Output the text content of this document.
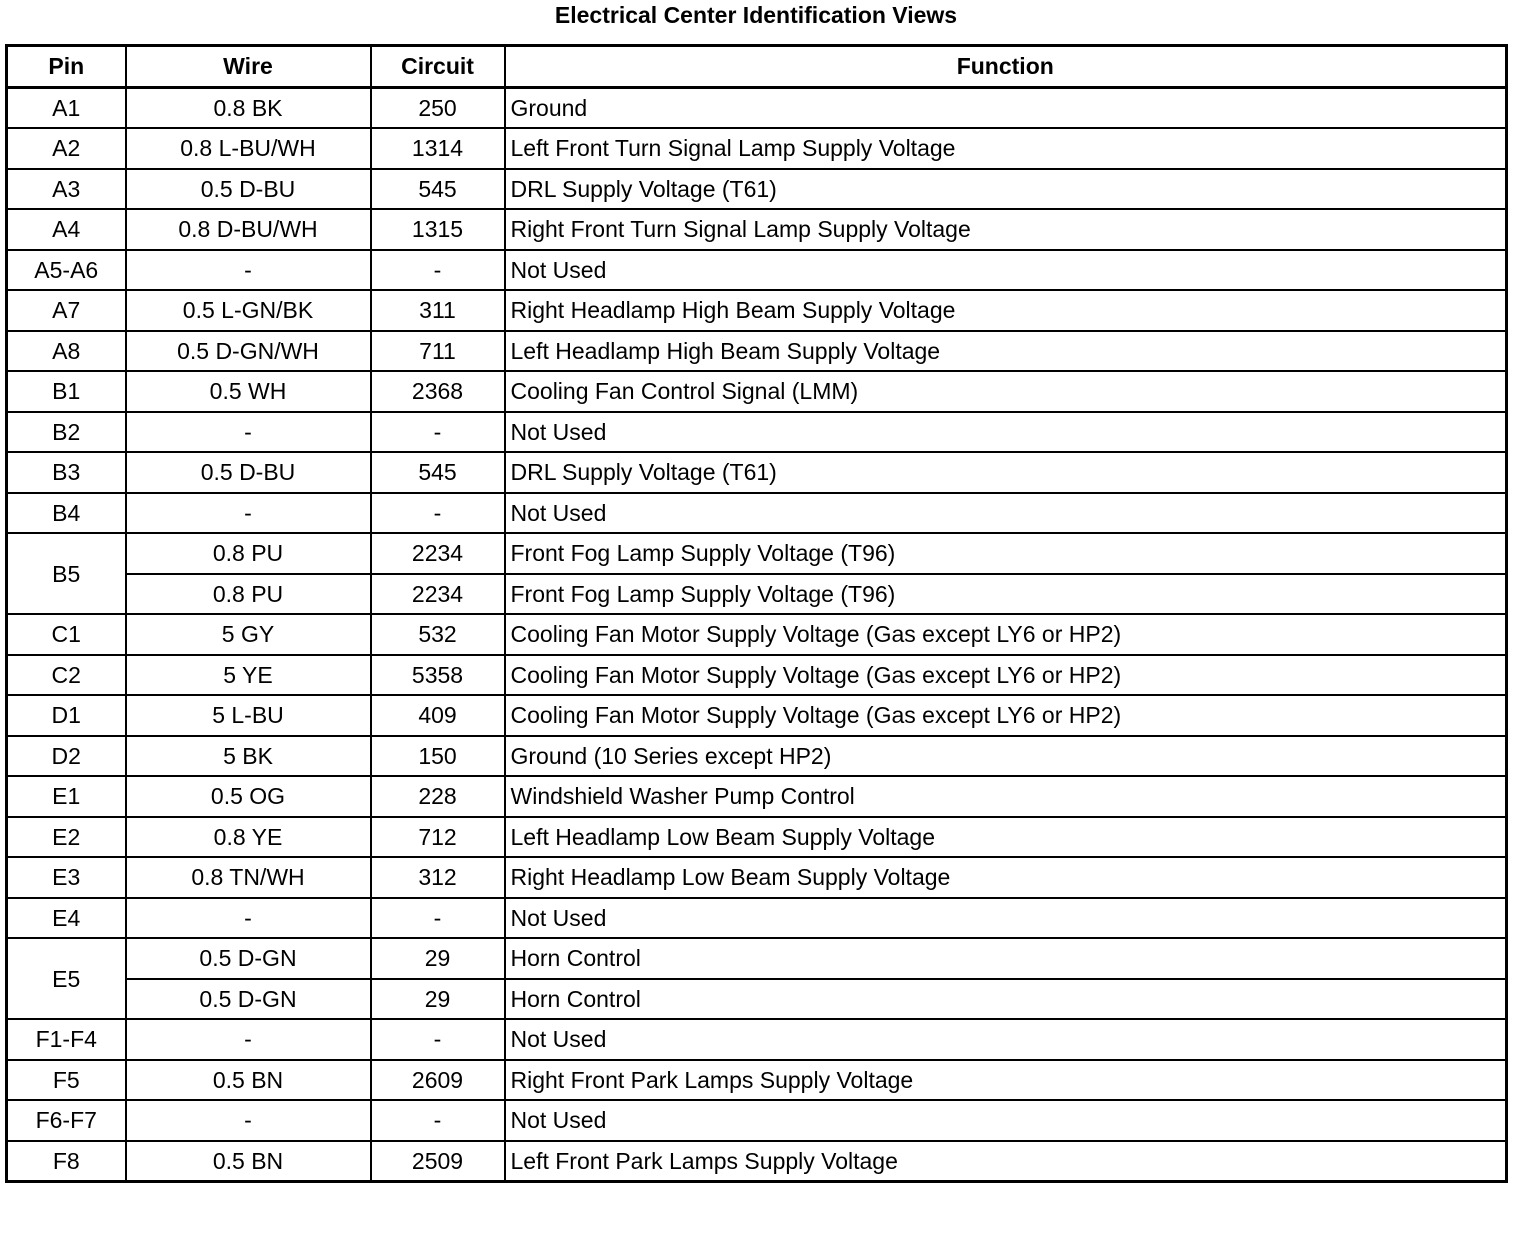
Electrical Center Identification Views
Pin	Wire	Circuit	Function
A1	0.8 BK	250	Ground
A2	0.8 L-BU/WH	1314	Left Front Turn Signal Lamp Supply Voltage
A3	0.5 D-BU	545	DRL Supply Voltage (T61)
A4	0.8 D-BU/WH	1315	Right Front Turn Signal Lamp Supply Voltage
A5-A6	-	-	Not Used
A7	0.5 L-GN/BK	311	Right Headlamp High Beam Supply Voltage
A8	0.5 D-GN/WH	711	Left Headlamp High Beam Supply Voltage
B1	0.5 WH	2368	Cooling Fan Control Signal (LMM)
B2	-	-	Not Used
B3	0.5 D-BU	545	DRL Supply Voltage (T61)
B4	-	-	Not Used
B5	0.8 PU	2234	Front Fog Lamp Supply Voltage (T96)
	0.8 PU	2234	Front Fog Lamp Supply Voltage (T96)
C1	5 GY	532	Cooling Fan Motor Supply Voltage (Gas except LY6 or HP2)
C2	5 YE	5358	Cooling Fan Motor Supply Voltage (Gas except LY6 or HP2)
D1	5 L-BU	409	Cooling Fan Motor Supply Voltage (Gas except LY6 or HP2)
D2	5 BK	150	Ground (10 Series except HP2)
E1	0.5 OG	228	Windshield Washer Pump Control
E2	0.8 YE	712	Left Headlamp Low Beam Supply Voltage
E3	0.8 TN/WH	312	Right Headlamp Low Beam Supply Voltage
E4	-	-	Not Used
E5	0.5 D-GN	29	Horn Control
	0.5 D-GN	29	Horn Control
F1-F4	-	-	Not Used
F5	0.5 BN	2609	Right Front Park Lamps Supply Voltage
F6-F7	-	-	Not Used
F8	0.5 BN	2509	Left Front Park Lamps Supply Voltage
